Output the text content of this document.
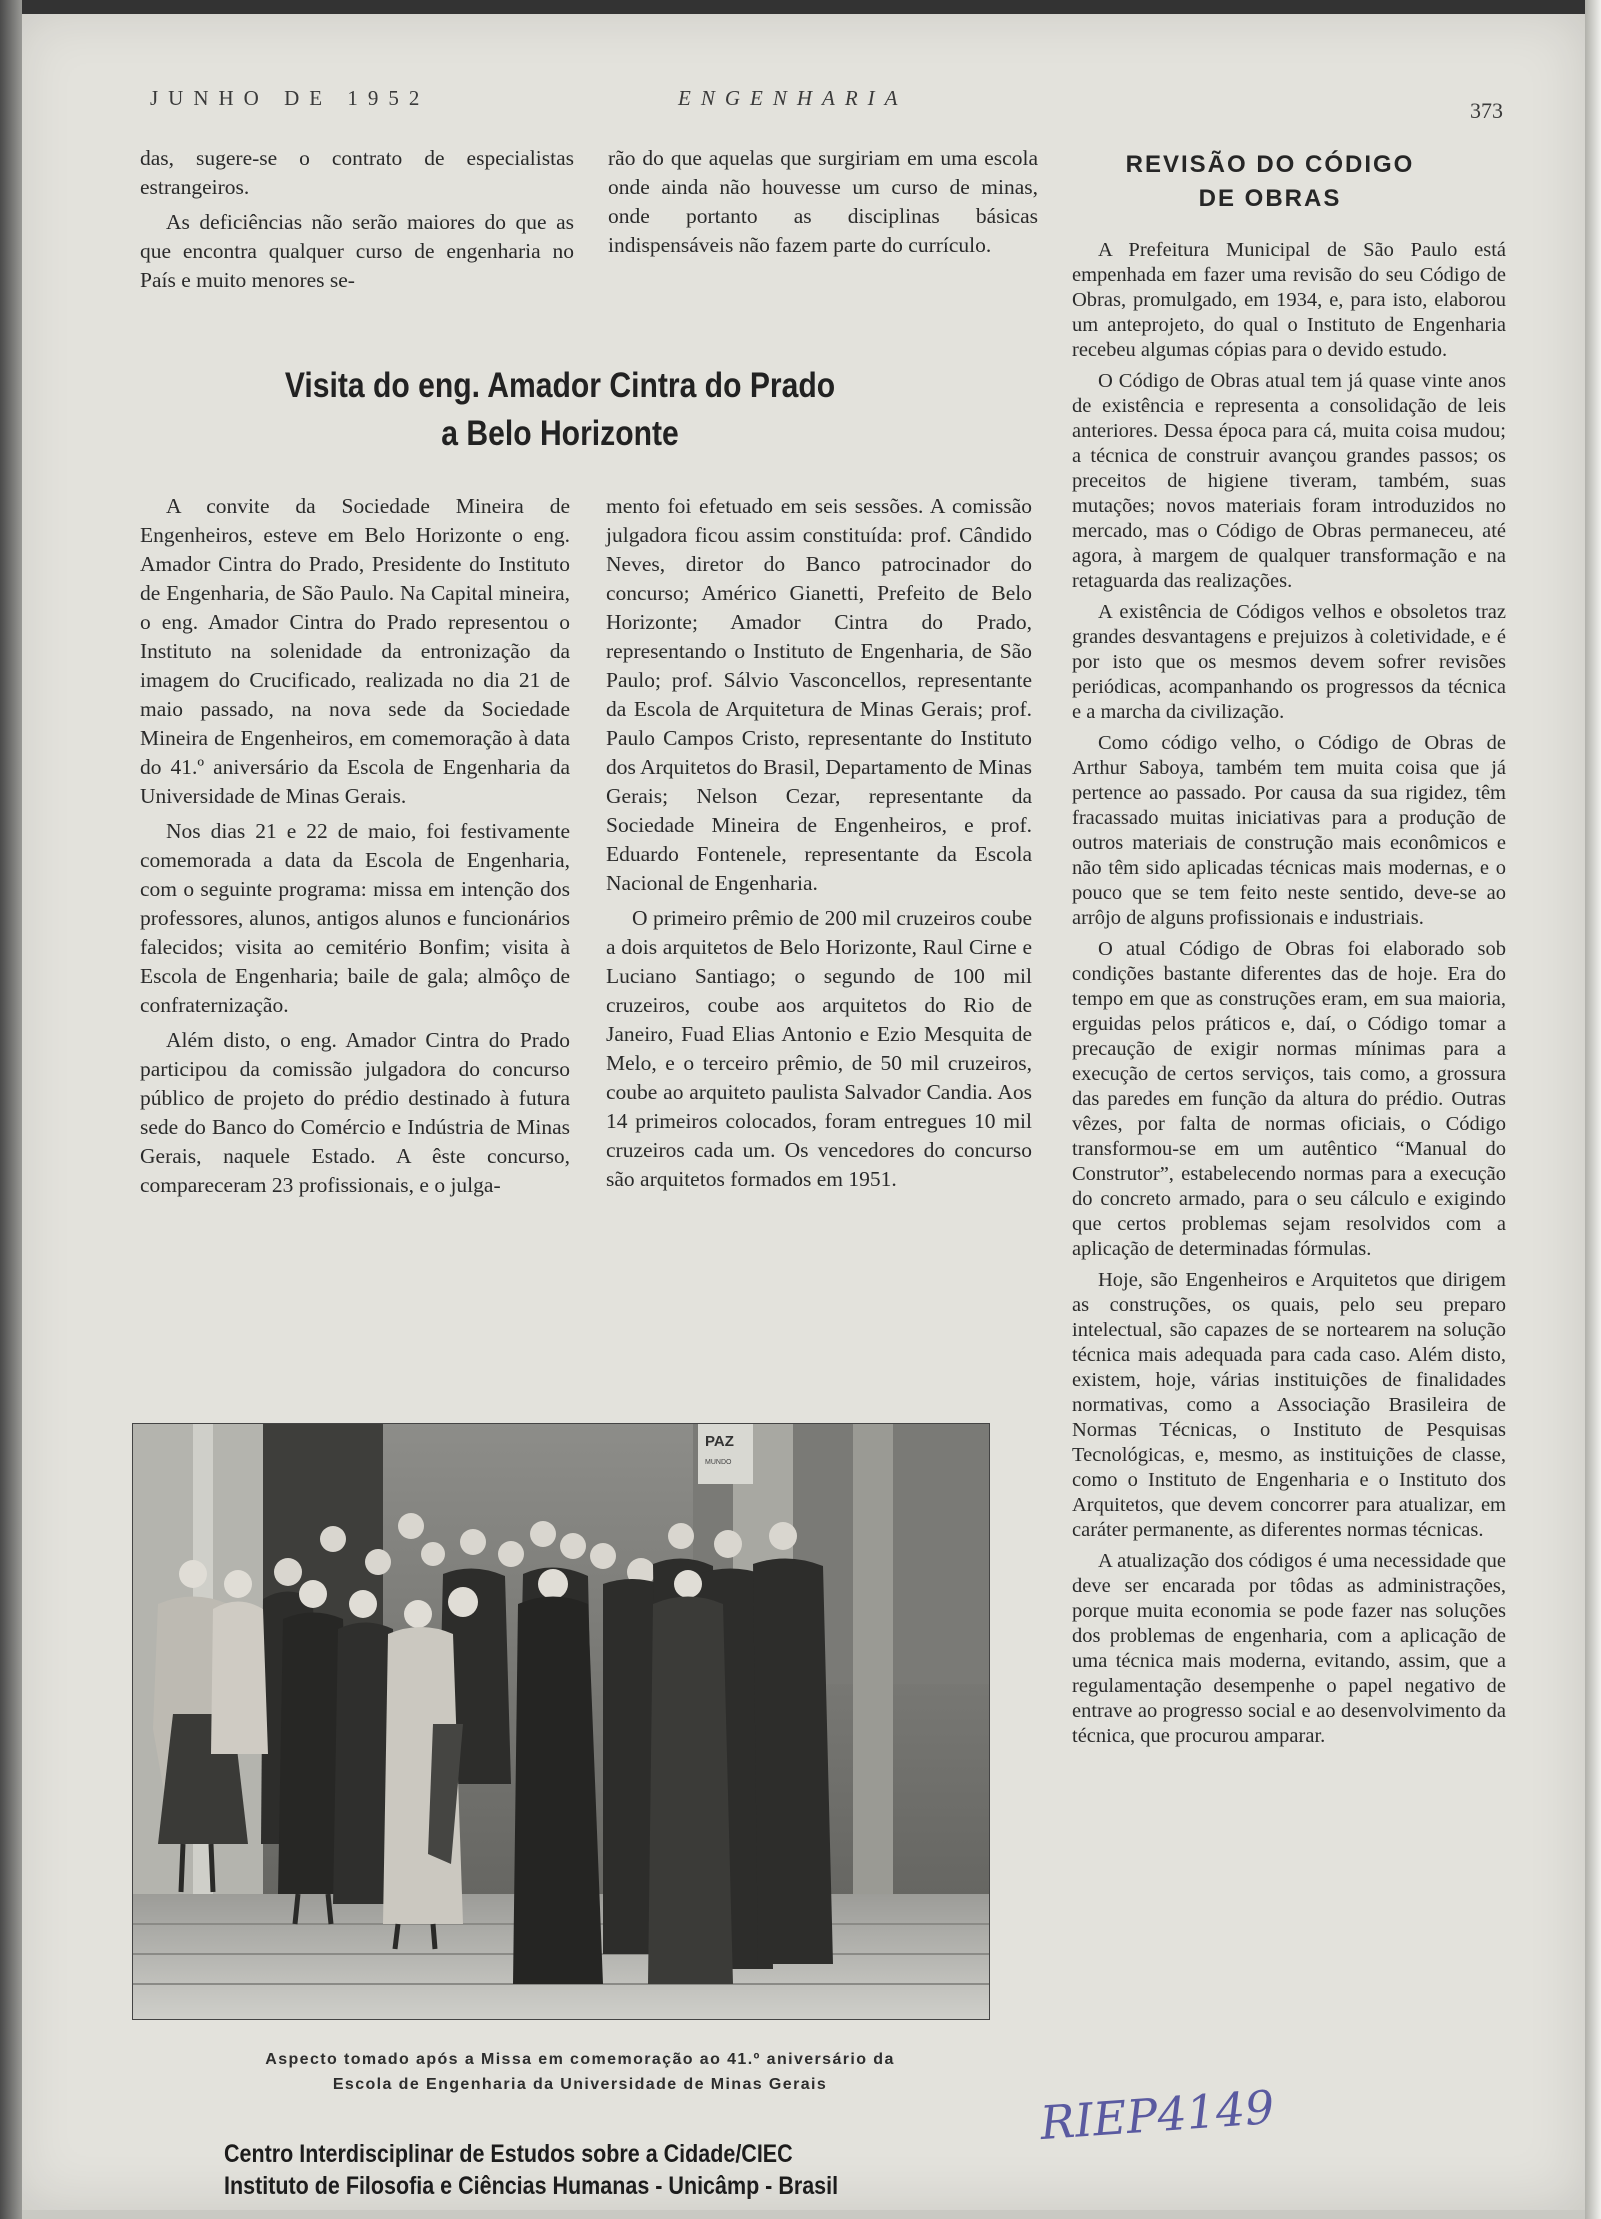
JUNHO DE 1952	ENGENHARIA	373

das, sugere-se o contrato de especialistas estrangeiros.

As deficiências não serão maiores do que as que encontra qualquer curso de engenharia no País e muito menores se-

rão do que aquelas que surgiriam em uma escola onde ainda não houvesse um curso de minas, onde portanto as disciplinas básicas indispensáveis não fazem parte do currículo.

Visita do eng. Amador Cintra do Prado
a Belo Horizonte

A convite da Sociedade Mineira de Engenheiros, esteve em Belo Horizonte o eng. Amador Cintra do Prado, Presidente do Instituto de Engenharia, de São Paulo. Na Capital mineira, o eng. Amador Cintra do Prado representou o Instituto na solenidade da entronização da imagem do Crucificado, realizada no dia 21 de maio passado, na nova sede da Sociedade Mineira de Engenheiros, em comemoração à data do 41.º aniversário da Escola de Engenharia da Universidade de Minas Gerais.

Nos dias 21 e 22 de maio, foi festivamente comemorada a data da Escola de Engenharia, com o seguinte programa: missa em intenção dos professores, alunos, antigos alunos e funcionários falecidos; visita ao cemitério Bonfim; visita à Escola de Engenharia; baile de gala; almôço de confraternização.

Além disto, o eng. Amador Cintra do Prado participou da comissão julgadora do concurso público de projeto do prédio destinado à futura sede do Banco do Comércio e Indústria de Minas Gerais, naquele Estado. A êste concurso, compareceram 23 profissionais, e o julga-

mento foi efetuado em seis sessões. A comissão julgadora ficou assim constituída: prof. Cândido Neves, diretor do Banco patrocinador do concurso; Américo Gianetti, Prefeito de Belo Horizonte; Amador Cintra do Prado, representando o Instituto de Engenharia, de São Paulo; prof. Sálvio Vasconcellos, representante da Escola de Arquitetura de Minas Gerais; prof. Paulo Campos Cristo, representante do Instituto dos Arquitetos do Brasil, Departamento de Minas Gerais; Nelson Cezar, representante da Sociedade Mineira de Engenheiros, e prof. Eduardo Fontenele, representante da Escola Nacional de Engenharia.

O primeiro prêmio de 200 mil cruzeiros coube a dois arquitetos de Belo Horizonte, Raul Cirne e Luciano Santiago; o segundo de 100 mil cruzeiros, coube aos arquitetos do Rio de Janeiro, Fuad Elias Antonio e Ezio Mesquita de Melo, e o terceiro prêmio, de 50 mil cruzeiros, coube ao arquiteto paulista Salvador Candia. Aos 14 primeiros colocados, foram entregues 10 mil cruzeiros cada um. Os vencedores do concurso são arquitetos formados em 1951.

PAZ
MUNDO
Aspecto tomado após a Missa em comemoração ao 41.º aniversário da
Escola de Engenharia da Universidade de Minas Gerais
REVISÃO DO CÓDIGO
DE OBRAS

A Prefeitura Municipal de São Paulo está empenhada em fazer uma revisão do seu Código de Obras, promulgado, em 1934, e, para isto, elaborou um anteprojeto, do qual o Instituto de Engenharia recebeu algumas cópias para o devido estudo.

O Código de Obras atual tem já quase vinte anos de existência e representa a consolidação de leis anteriores. Dessa época para cá, muita coisa mudou; a técnica de construir avançou grandes passos; os preceitos de higiene tiveram, também, suas mutações; novos materiais foram introduzidos no mercado, mas o Código de Obras permaneceu, até agora, à margem de qualquer transformação e na retaguarda das realizações.

A existência de Códigos velhos e obsoletos traz grandes desvantagens e prejuizos à coletividade, e é por isto que os mesmos devem sofrer revisões periódicas, acompanhando os progressos da técnica e a marcha da civilização.

Como código velho, o Código de Obras de Arthur Saboya, também tem muita coisa que já pertence ao passado. Por causa da sua rigidez, têm fracassado muitas iniciativas para a produção de outros materiais de construção mais econômicos e não têm sido aplicadas técnicas mais modernas, e o pouco que se tem feito neste sentido, deve-se ao arrôjo de alguns profissionais e industriais.

O atual Código de Obras foi elaborado sob condições bastante diferentes das de hoje. Era do tempo em que as construções eram, em sua maioria, erguidas pelos práticos e, daí, o Código tomar a precaução de exigir normas mínimas para a execução de certos serviços, tais como, a grossura das paredes em função da altura do prédio. Outras vêzes, por falta de normas oficiais, o Código transformou-se em um autêntico “Manual do Construtor”, estabelecendo normas para a execução do concreto armado, para o seu cálculo e exigindo que certos problemas sejam resolvidos com a aplicação de determinadas fórmulas.

Hoje, são Engenheiros e Arquitetos que dirigem as construções, os quais, pelo seu preparo intelectual, são capazes de se nortearem na solução técnica mais adequada para cada caso. Além disto, existem, hoje, várias instituições de finalidades normativas, como a Associação Brasileira de Normas Técnicas, o Instituto de Pesquisas Tecnológicas, e, mesmo, as instituições de classe, como o Instituto de Engenharia e o Instituto dos Arquitetos, que devem concorrer para atualizar, em caráter permanente, as diferentes normas técnicas.

A atualização dos códigos é uma necessidade que deve ser encarada por tôdas as administrações, porque muita economia se pode fazer nas soluções dos problemas de engenharia, com a aplicação de uma técnica mais moderna, evitando, assim, que a regulamentação desempenhe o papel negativo de entrave ao progresso social e ao desenvolvimento da técnica, que procurou amparar.

Centro Interdisciplinar de Estudos sobre a Cidade/CIEC
Instituto de Filosofia e Ciências Humanas - Unicâmp - Brasil
RIEP4149
